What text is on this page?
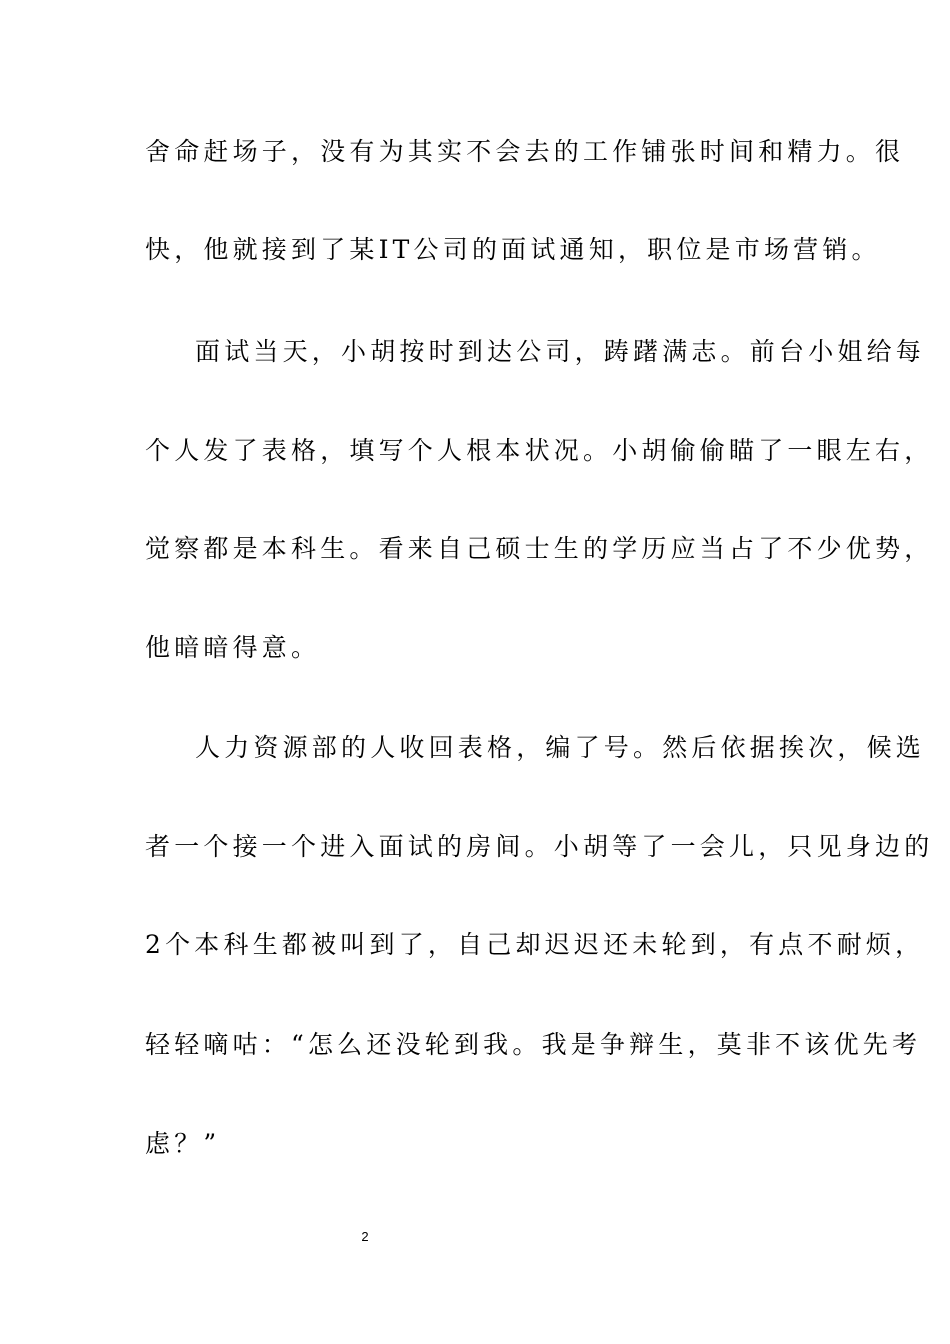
舍命赶场子，没有为其实不会去的工作铺张时间和精力。很
快，他就接到了某IT公司的面试通知，职位是市场营销。
面试当天，小胡按时到达公司，踌躇满志。前台小姐给每
个人发了表格，填写个人根本状况。小胡偷偷瞄了一眼左右，
觉察都是本科生。看来自己硕士生的学历应当占了不少优势，
他暗暗得意。
人力资源部的人收回表格，编了号。然后依据挨次，候选
者一个接一个进入面试的房间。小胡等了一会儿，只见身边的
2个本科生都被叫到了，自己却迟迟还未轮到，有点不耐烦，
轻轻嘀咕：“怎么还没轮到我。我是争辩生，莫非不该优先考
虑？”
2
